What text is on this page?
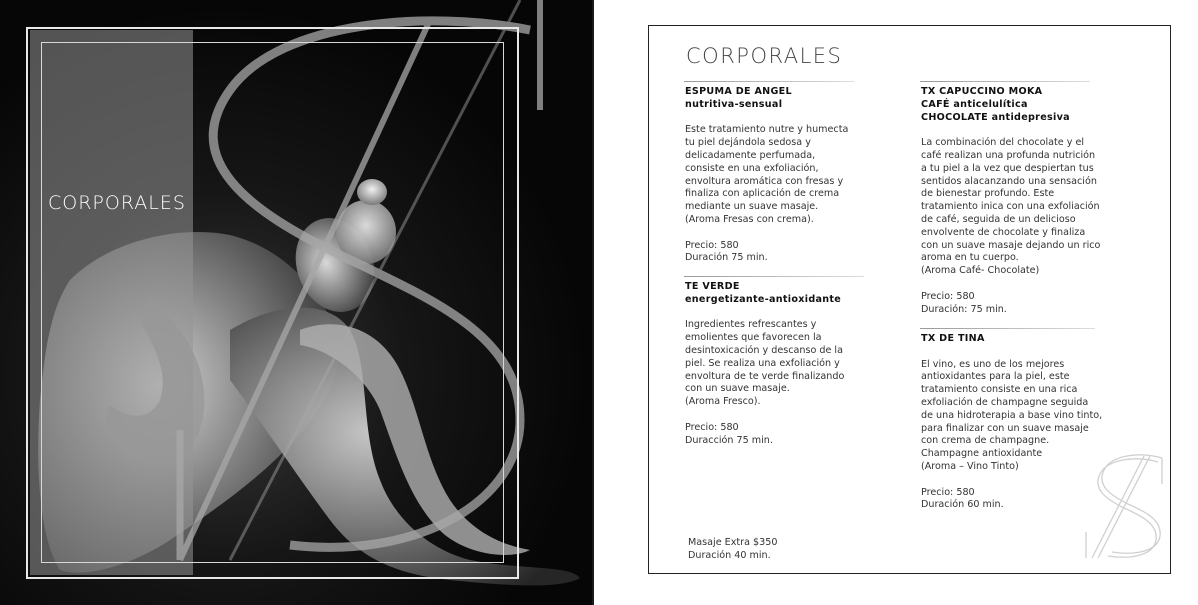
CORPORALES
CORPORALES

ESPUMA DE ANGEL

nutritiva-sensual

Este tratamiento nutre y humecta

tu piel dejándola sedosa y

delicadamente perfumada,

consiste en una exfoliación,

envoltura aromática con fresas y

finaliza con aplicación de crema

mediante un suave masaje.

(Aroma Fresas con crema).

Precio: 580

Duración 75 min.

TE VERDE

energetizante-antioxidante

Ingredientes refrescantes y

emolientes que favorecen la

desintoxicación y descanso de la

piel. Se realiza una exfoliación y

envoltura de te verde finalizando

con un suave masaje.

(Aroma Fresco).

Precio: 580

Duracción 75 min.

TX CAPUCCINO MOKA

CAFÉ anticelulítica

CHOCOLATE antidepresiva

La combinación del chocolate y el

café realizan una profunda nutrición

a tu piel a la vez que despiertan tus

sentidos alacanzando una sensación

de bienestar profundo. Este

tratamiento inica con una exfoliación

de café, seguida de un delicioso

envolvente de chocolate y finaliza

con un suave masaje dejando un rico

aroma en tu cuerpo.

(Aroma Café- Chocolate)

Precio: 580

Duración: 75 min.

TX DE TINA

El vino, es uno de los mejores

antioxidantes para la piel, este

tratamiento consiste en una rica

exfoliación de champagne seguida

de una hidroterapia a base vino tinto,

para finalizar con un suave masaje

con crema de champagne.

Champagne antioxidante

(Aroma – Vino Tinto)

Precio: 580

Duración 60 min.

Masaje Extra $350

Duración 40 min.
